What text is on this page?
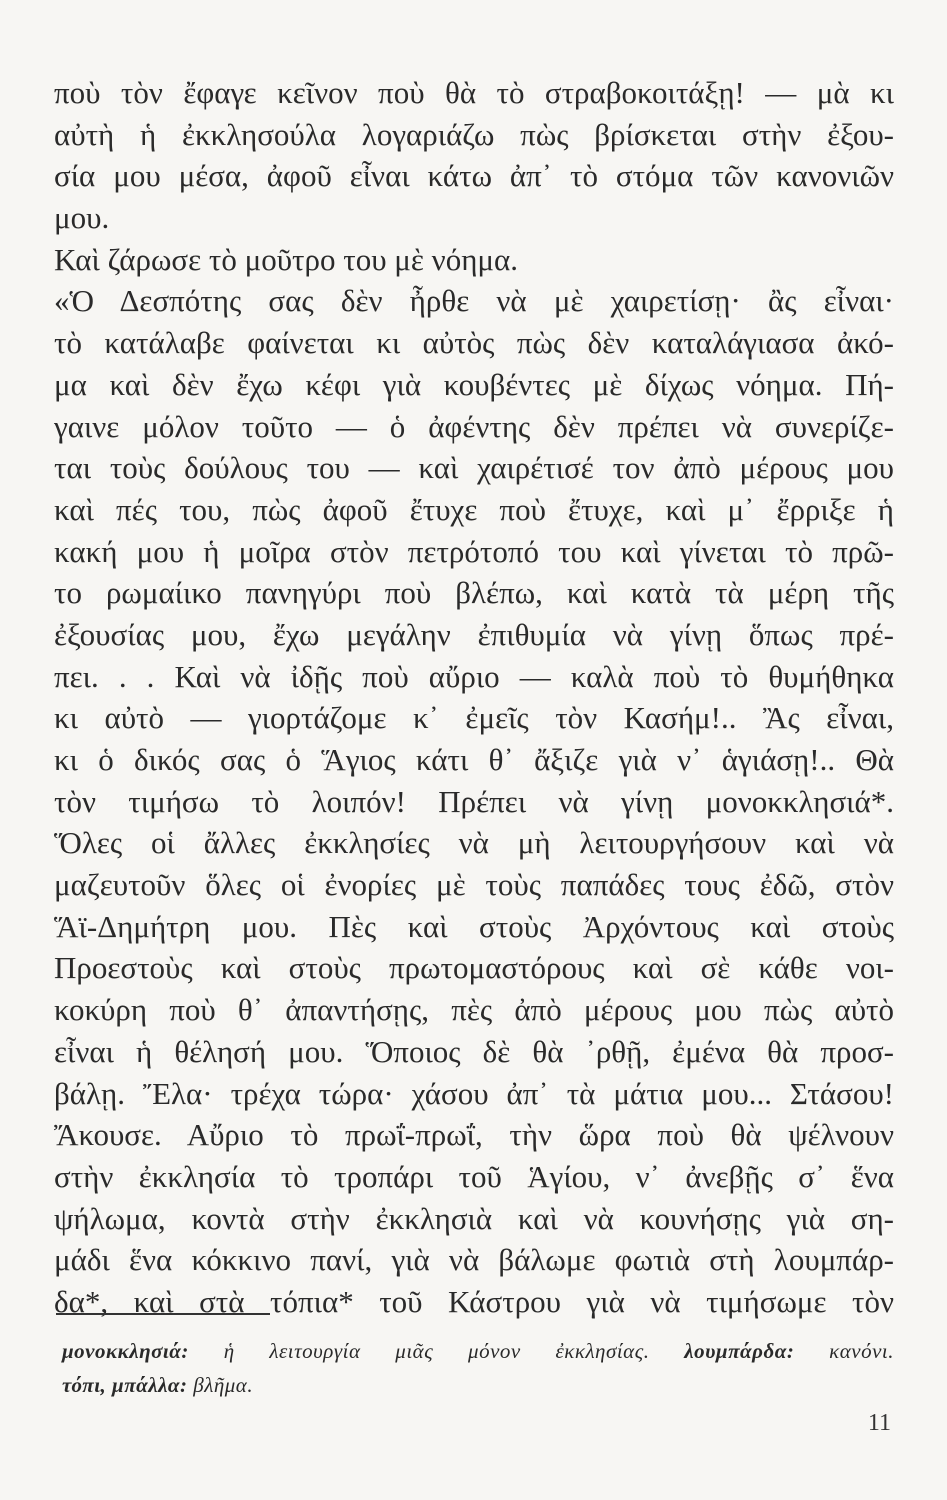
ποὺ τὸν ἔφαγε κεῖνον ποὺ θὰ τὸ στραβοκοιτάξῃ! — μὰ κι
αὐτὴ ἡ ἐκκλησούλα λογαριάζω πὼς βρίσκεται στὴν ἐξου-
σία μου μέσα, ἀφοῦ εἶναι κάτω ἀπ᾽ τὸ στόμα τῶν κανονιῶν
μου.
Καὶ ζάρωσε τὸ μοῦτρο του μὲ νόημα.
«Ὁ Δεσπότης σας δὲν ἦρθε νὰ μὲ χαιρετίσῃ· ἂς εἶναι·
τὸ κατάλαβε φαίνεται κι αὐτὸς πὼς δὲν καταλάγιασα ἀκό-
μα καὶ δὲν ἔχω κέφι γιὰ κουβέντες μὲ δίχως νόημα. Πή-
γαινε μόλον τοῦτο — ὁ ἀφέντης δὲν πρέπει νὰ συνερίζε-
ται τοὺς δούλους του — καὶ χαιρέτισέ τον ἀπὸ μέρους μου
καὶ πές του, πὼς ἀφοῦ ἔτυχε ποὺ ἔτυχε, καὶ μ᾽ ἔρριξε ἡ
κακή μου ἡ μοῖρα στὸν πετρότοπό του καὶ γίνεται τὸ πρῶ-
το ρωμαίικο πανηγύρι ποὺ βλέπω, καὶ κατὰ τὰ μέρη τῆς
ἐξουσίας μου, ἔχω μεγάλην ἐπιθυμία νὰ γίνῃ ὅπως πρέ-
πει. . . Καὶ νὰ ἰδῇς ποὺ αὔριο — καλὰ ποὺ τὸ θυμήθηκα
κι αὐτὸ — γιορτάζομε κ᾽ ἐμεῖς τὸν Κασήμ!.. Ἂς εἶναι,
κι ὁ δικός σας ὁ Ἅγιος κάτι θ᾽ ἄξιζε γιὰ ν᾽ ἁγιάσῃ!.. Θὰ
τὸν τιμήσω τὸ λοιπόν! Πρέπει νὰ γίνῃ μονοκκλησιά*.
Ὅλες οἱ ἄλλες ἐκκλησίες νὰ μὴ λειτουργήσουν καὶ νὰ
μαζευτοῦν ὅλες οἱ ἐνορίες μὲ τοὺς παπάδες τους ἐδῶ, στὸν
Ἅϊ-Δημήτρη μου. Πὲς καὶ στοὺς Ἀρχόντους καὶ στοὺς
Προεστοὺς καὶ στοὺς πρωτομαστόρους καὶ σὲ κάθε νοι-
κοκύρη ποὺ θ᾽ ἀπαντήσῃς, πὲς ἀπὸ μέρους μου πὼς αὐτὸ
εἶναι ἡ θέλησή μου. Ὅποιος δὲ θὰ ᾽ρθῇ, ἐμένα θὰ προσ-
βάλῃ. Ἔλα· τρέχα τώρα· χάσου ἀπ᾽ τὰ μάτια μου... Στάσου!
Ἄκουσε. Αὔριο τὸ πρωΐ-πρωΐ, τὴν ὥρα ποὺ θὰ ψέλνουν
στὴν ἐκκλησία τὸ τροπάρι τοῦ Ἁγίου, ν᾽ ἀνεβῇς σ᾽ ἕνα
ψήλωμα, κοντὰ στὴν ἐκκλησιὰ καὶ νὰ κουνήσῃς γιὰ ση-
μάδι ἕνα κόκκινο πανί, γιὰ νὰ βάλωμε φωτιὰ στὴ λουμπάρ-
δα*, καὶ στὰ τόπια* τοῦ Κάστρου γιὰ νὰ τιμήσωμε τὸν
μονοκκλησιά: ἡ λειτουργία μιᾶς μόνον ἐκκλησίας. λουμπάρδα: κανόνι.
τόπι, μπάλλα: βλῆμα.
11
